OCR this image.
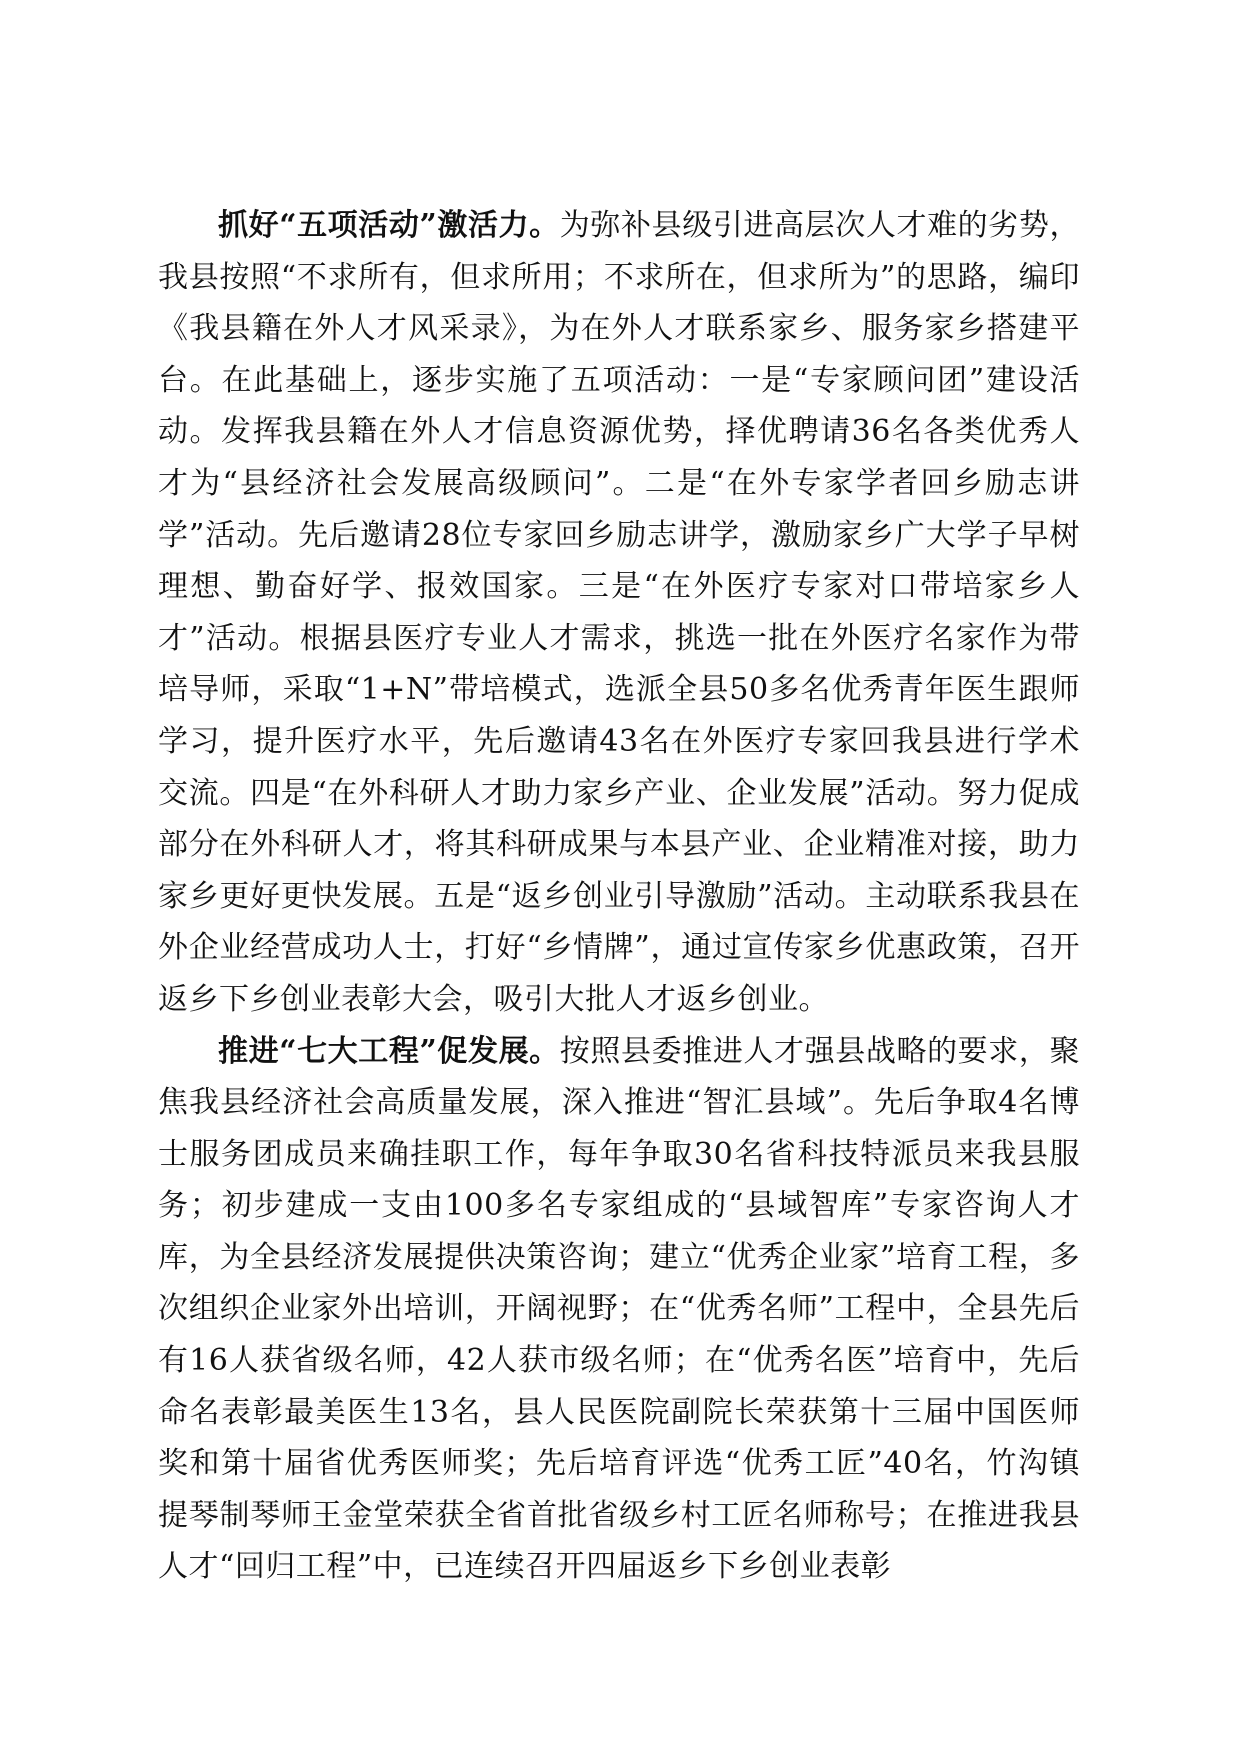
抓好“五项活动”激活力。为弥补县级引进高层次人才难的劣势，我县按照“不求所有，但求所用；不求所在，但求所为”的思路，编印《我县籍在外人才风采录》，为在外人才联系家乡、服务家乡搭建平台。在此基础上，逐步实施了五项活动：一是“专家顾问团”建设活动。发挥我县籍在外人才信息资源优势，择优聘请36名各类优秀人才为“县经济社会发展高级顾问”。二是“在外专家学者回乡励志讲学”活动。先后邀请28位专家回乡励志讲学，激励家乡广大学子早树理想、勤奋好学、报效国家。三是“在外医疗专家对口带培家乡人才”活动。根据县医疗专业人才需求，挑选一批在外医疗名家作为带培导师，采取“1+N”带培模式，选派全县50多名优秀青年医生跟师学习，提升医疗水平，先后邀请43名在外医疗专家回我县进行学术交流。四是“在外科研人才助力家乡产业、企业发展”活动。努力促成部分在外科研人才，将其科研成果与本县产业、企业精准对接，助力家乡更好更快发展。五是“返乡创业引导激励”活动。主动联系我县在外企业经营成功人士，打好“乡情牌”，通过宣传家乡优惠政策，召开返乡下乡创业表彰大会，吸引大批人才返乡创业。

推进“七大工程”促发展。按照县委推进人才强县战略的要求，聚焦我县经济社会高质量发展，深入推进“智汇县域”。先后争取4名博士服务团成员来确挂职工作，每年争取30名省科技特派员来我县服务；初步建成一支由100多名专家组成的“县域智库”专家咨询人才库，为全县经济发展提供决策咨询；建立“优秀企业家”培育工程，多次组织企业家外出培训，开阔视野；在“优秀名师”工程中，全县先后有16人获省级名师，42人获市级名师；在“优秀名医”培育中，先后命名表彰最美医生13名，县人民医院副院长荣获第十三届中国医师奖和第十届省优秀医师奖；先后培育评选“优秀工匠”40名，竹沟镇提琴制琴师王金堂荣获全省首批省级乡村工匠名师称号；在推进我县人才“回归工程”中，已连续召开四届返乡下乡创业表彰
